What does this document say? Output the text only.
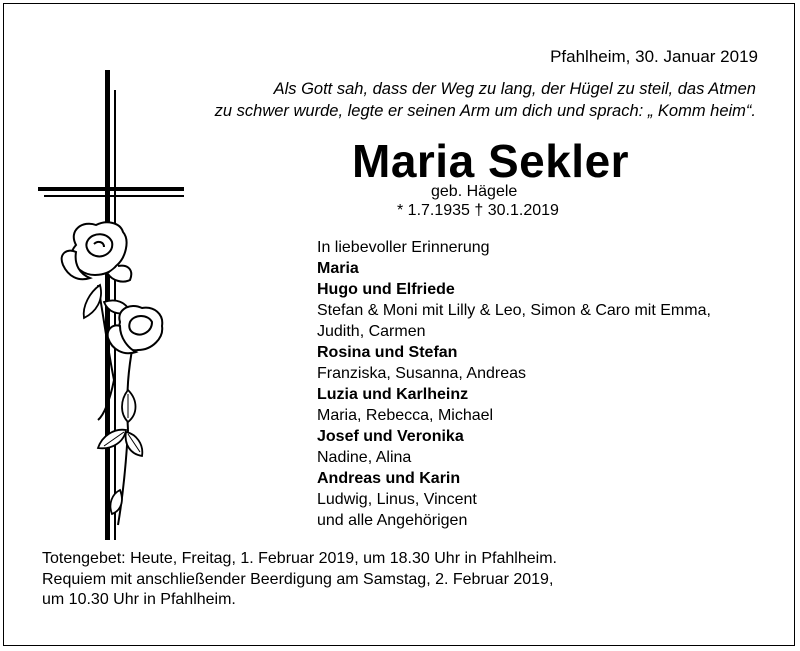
Pfahlheim, 30. Januar 2019
Als Gott sah, dass der Weg zu lang, der Hügel zu steil, das Atmen
zu schwer wurde, legte er seinen Arm um dich und sprach: „ Komm heim“.
Maria Sekler
geb. Hägele
* 1.7.1935 † 30.1.2019
In liebevoller Erinnerung
Maria
Hugo und Elfriede
Stefan & Moni mit Lilly & Leo, Simon & Caro mit Emma,
Judith, Carmen
Rosina und Stefan
Franziska, Susanna, Andreas
Luzia und Karlheinz
Maria, Rebecca, Michael
Josef und Veronika
Nadine, Alina
Andreas und Karin
Ludwig, Linus, Vincent
und alle Angehörigen
Totengebet: Heute, Freitag, 1. Februar 2019, um 18.30 Uhr in Pfahlheim.
Requiem mit anschließender Beerdigung am Samstag, 2. Februar 2019,
um 10.30 Uhr in Pfahlheim.
